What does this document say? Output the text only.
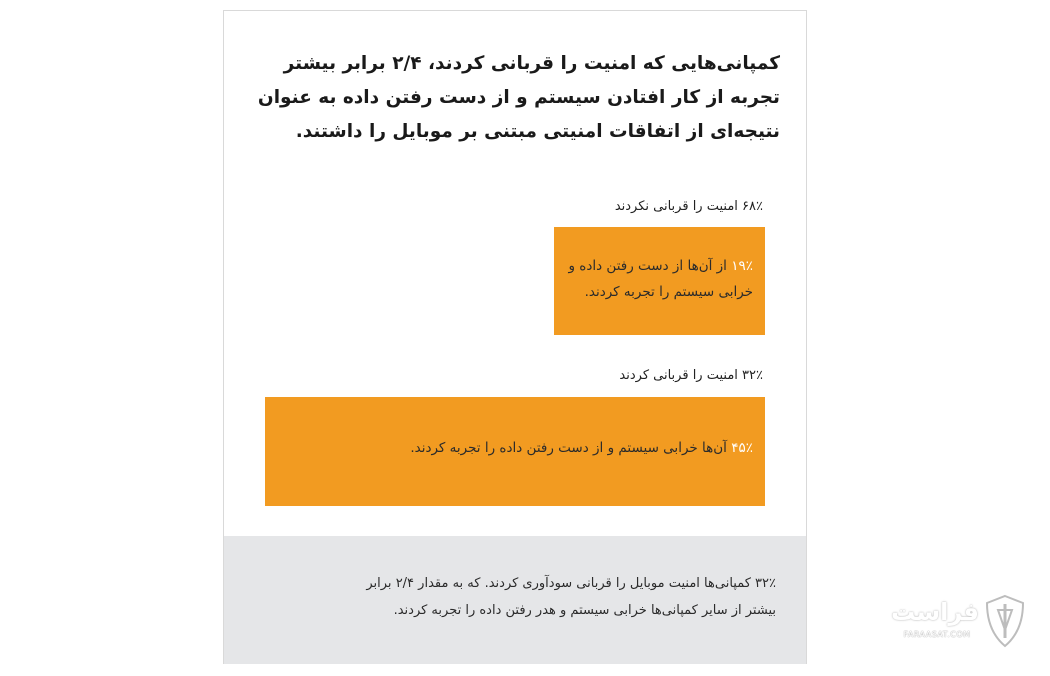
کمپانی‌هایی که امنیت را قربانی کردند، ۲/۴ برابر بیشتر تجربه از کار افتادن سیستم و از دست رفتن داده به عنوان نتیجه‌ای از اتفاقات امنیتی مبتنی بر موبایل را داشتند.
۶۸٪ امنیت را قربانی نکردند
۱۹٪ از آن‌ها از دست رفتن داده و
خرابی سیستم را تجربه کردند.
۳۲٪ امنیت را قربانی کردند
۴۵٪ آن‌ها خرابی سیستم و از دست رفتن داده را تجربه کردند.
۳۲٪ کمپانی‌ها امنیت موبایل را قربانی سودآوری کردند. که به مقدار ۲/۴ برابر
بیشتر از سایر کمپانی‌ها خرابی سیستم و هدر رفتن داده را تجربه کردند.	فراست
FARAASAT.COM
